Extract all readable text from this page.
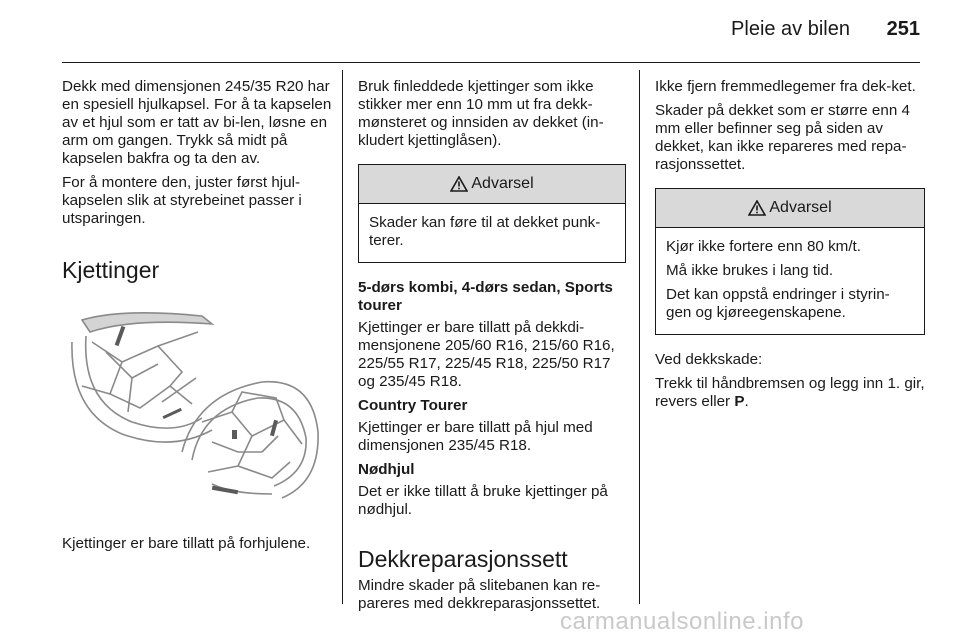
Pleie av bilen	251

Dekk med dimensjonen 245/35 R20 har en spesiell hjulkapsel. For å ta kapselen av et hjul som er tatt av bi-len, løsne en arm om gangen. Trykk så midt på kapselen bakfra og ta den av.

For å montere den, juster først hjul-kapselen slik at styrebeinet passer i utsparingen.

Kjettinger

Kjettinger er bare tillatt på forhjulene.

Bruk finleddede kjettinger som ikke stikker mer enn 10 mm ut fra dekk-mønsteret og innsiden av dekket (in-kludert kjettinglåsen).

Advarsel

Skader kan føre til at dekket punk-terer.

5-dørs kombi, 4-dørs sedan, Sports tourer

Kjettinger er bare tillatt på dekkdi-mensjonene 205/60 R16, 215/60 R16, 225/55 R17, 225/45 R18, 225/50 R17 og 235/45 R18.

Country Tourer

Kjettinger er bare tillatt på hjul med dimensjonen 235/45 R18.

Nødhjul

Det er ikke tillatt å bruke kjettinger på nødhjul.

Dekkreparasjonssett

Mindre skader på slitebanen kan re-pareres med dekkreparasjonssettet.

Ikke fjern fremmedlegemer fra dek-ket.

Skader på dekket som er større enn 4 mm eller befinner seg på siden av dekket, kan ikke repareres med repa-rasjonssettet.

Advarsel

Kjør ikke fortere enn 80 km/t.

Må ikke brukes i lang tid.

Det kan oppstå endringer i styrin-gen og kjøreegenskapene.

Ved dekkskade:

Trekk til håndbremsen og legg inn 1. gir, revers eller P.

carmanualsonline.info
